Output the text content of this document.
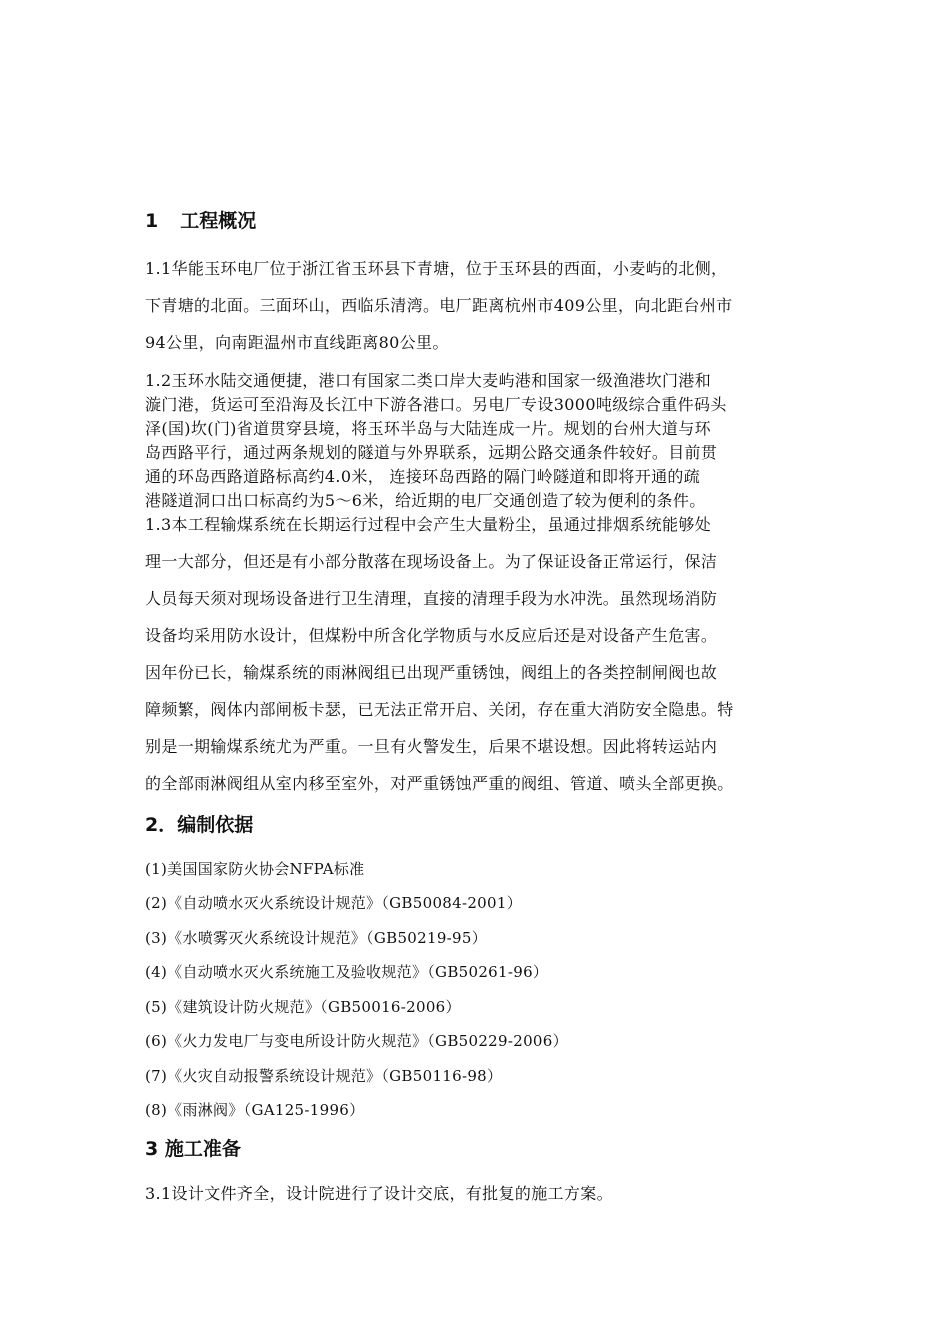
1 工程概况
1.1华能玉环电厂位于浙江省玉环县下青塘，位于玉环县的西面，小麦屿的北侧，
下青塘的北面。三面环山，西临乐清湾。电厂距离杭州市409公里，向北距台州市
94公里，向南距温州市直线距离80公里。
1.2玉环水陆交通便捷，港口有国家二类口岸大麦屿港和国家一级渔港坎门港和
漩门港，货运可至沿海及长江中下游各港口。另电厂专设3000吨级综合重件码头
泽(国)坎(门)省道贯穿县境，将玉环半岛与大陆连成一片。规划的台州大道与环
岛西路平行，通过两条规划的隧道与外界联系，远期公路交通条件较好。目前贯
通的环岛西路道路标高约4.0米， 连接环岛西路的隔门岭隧道和即将开通的疏
港隧道洞口出口标高约为5～6米，给近期的电厂交通创造了较为便利的条件。
1.3本工程输煤系统在长期运行过程中会产生大量粉尘，虽通过排烟系统能够处
理一大部分，但还是有小部分散落在现场设备上。为了保证设备正常运行，保洁
人员每天须对现场设备进行卫生清理，直接的清理手段为水冲洗。虽然现场消防
设备均采用防水设计，但煤粉中所含化学物质与水反应后还是对设备产生危害。
因年份已长，输煤系统的雨淋阀组已出现严重锈蚀，阀组上的各类控制闸阀也故
障频繁，阀体内部闸板卡瑟，已无法正常开启、关闭，存在重大消防安全隐患。特
别是一期输煤系统尤为严重。一旦有火警发生，后果不堪设想。因此将转运站内
的全部雨淋阀组从室内移至室外，对严重锈蚀严重的阀组、管道、喷头全部更换。
2．编制依据
(1)美国国家防火协会NFPA标准
(2)《自动喷水灭火系统设计规范》（GB50084-2001）
(3)《水喷雾灭火系统设计规范》（GB50219-95）
(4)《自动喷水灭火系统施工及验收规范》（GB50261-96）
(5)《建筑设计防火规范》（GB50016-2006）
(6)《火力发电厂与变电所设计防火规范》（GB50229-2006）
(7)《火灾自动报警系统设计规范》（GB50116-98）
(8)《雨淋阀》（GA125-1996）
3 施工准备
3.1设计文件齐全，设计院进行了设计交底，有批复的施工方案。
